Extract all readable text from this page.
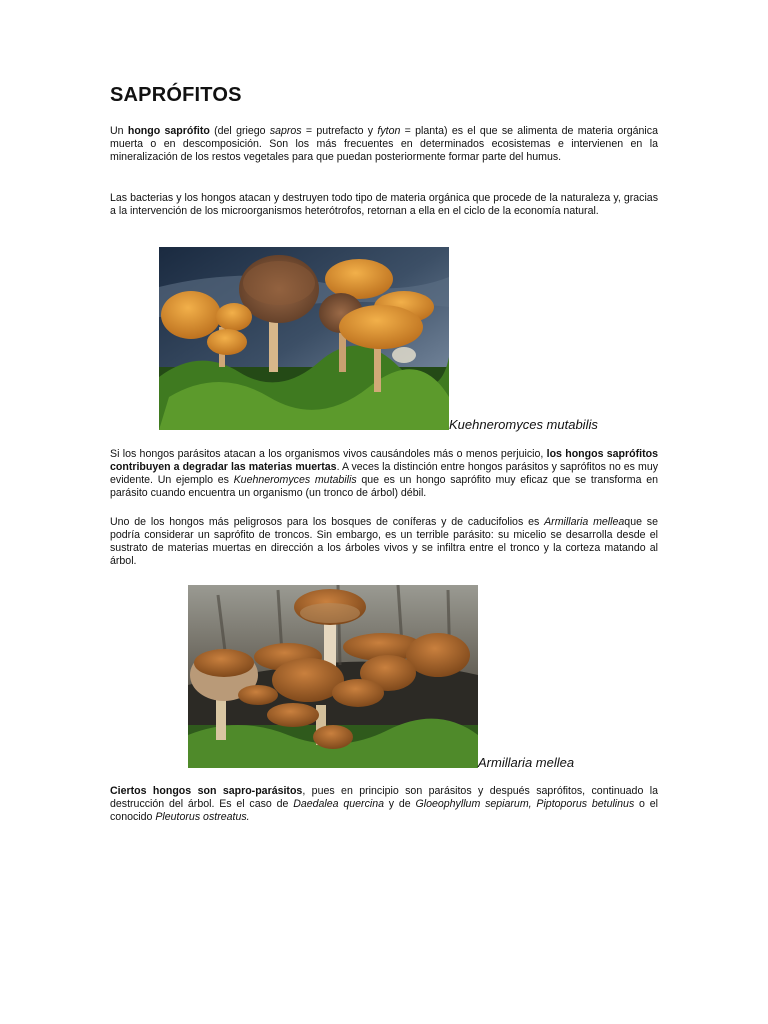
SAPRÓFITOS

Un hongo saprófito (del griego sapros = putrefacto y fyton = planta) es el que se alimenta de materia orgánica muerta o en descomposición. Son los más frecuentes en determinados ecosistemas e intervienen en la mineralización de los restos vegetales para que puedan posteriormente formar parte del humus.

Las bacterias y los hongos atacan y destruyen todo tipo de materia orgánica que procede de la naturaleza y, gracias a la intervención de los microorganismos heterótrofos, retornan a ella en el ciclo de la economía natural.

Kuehneromyces mutabilis

Si los hongos parásitos atacan a los organismos vivos causándoles más o menos perjuicio, los hongos saprófitos contribuyen a degradar las materias muertas. A veces la distinción entre hongos parásitos y saprófitos no es muy evidente. Un ejemplo es Kuehneromyces mutabilis que es un hongo saprófito muy eficaz que se transforma en parásito cuando encuentra un organismo (un tronco de árbol) débil.

Uno de los hongos más peligrosos para los bosques de coníferas y de caducifolios es Armillaria melleaque se podría considerar un saprófito de troncos. Sin embargo, es un terrible parásito: su micelio se desarrolla desde el sustrato de materias muertas en dirección a los árboles vivos y se infiltra entre el tronco y la corteza matando al árbol.

Armillaria mellea

Ciertos hongos son sapro-parásitos, pues en principio son parásitos y después saprófitos, continuado la destrucción del árbol. Es el caso de Daedalea quercina y de Gloeophyllum sepiarum, Piptoporus betulinus o el conocido Pleutorus ostreatus.
